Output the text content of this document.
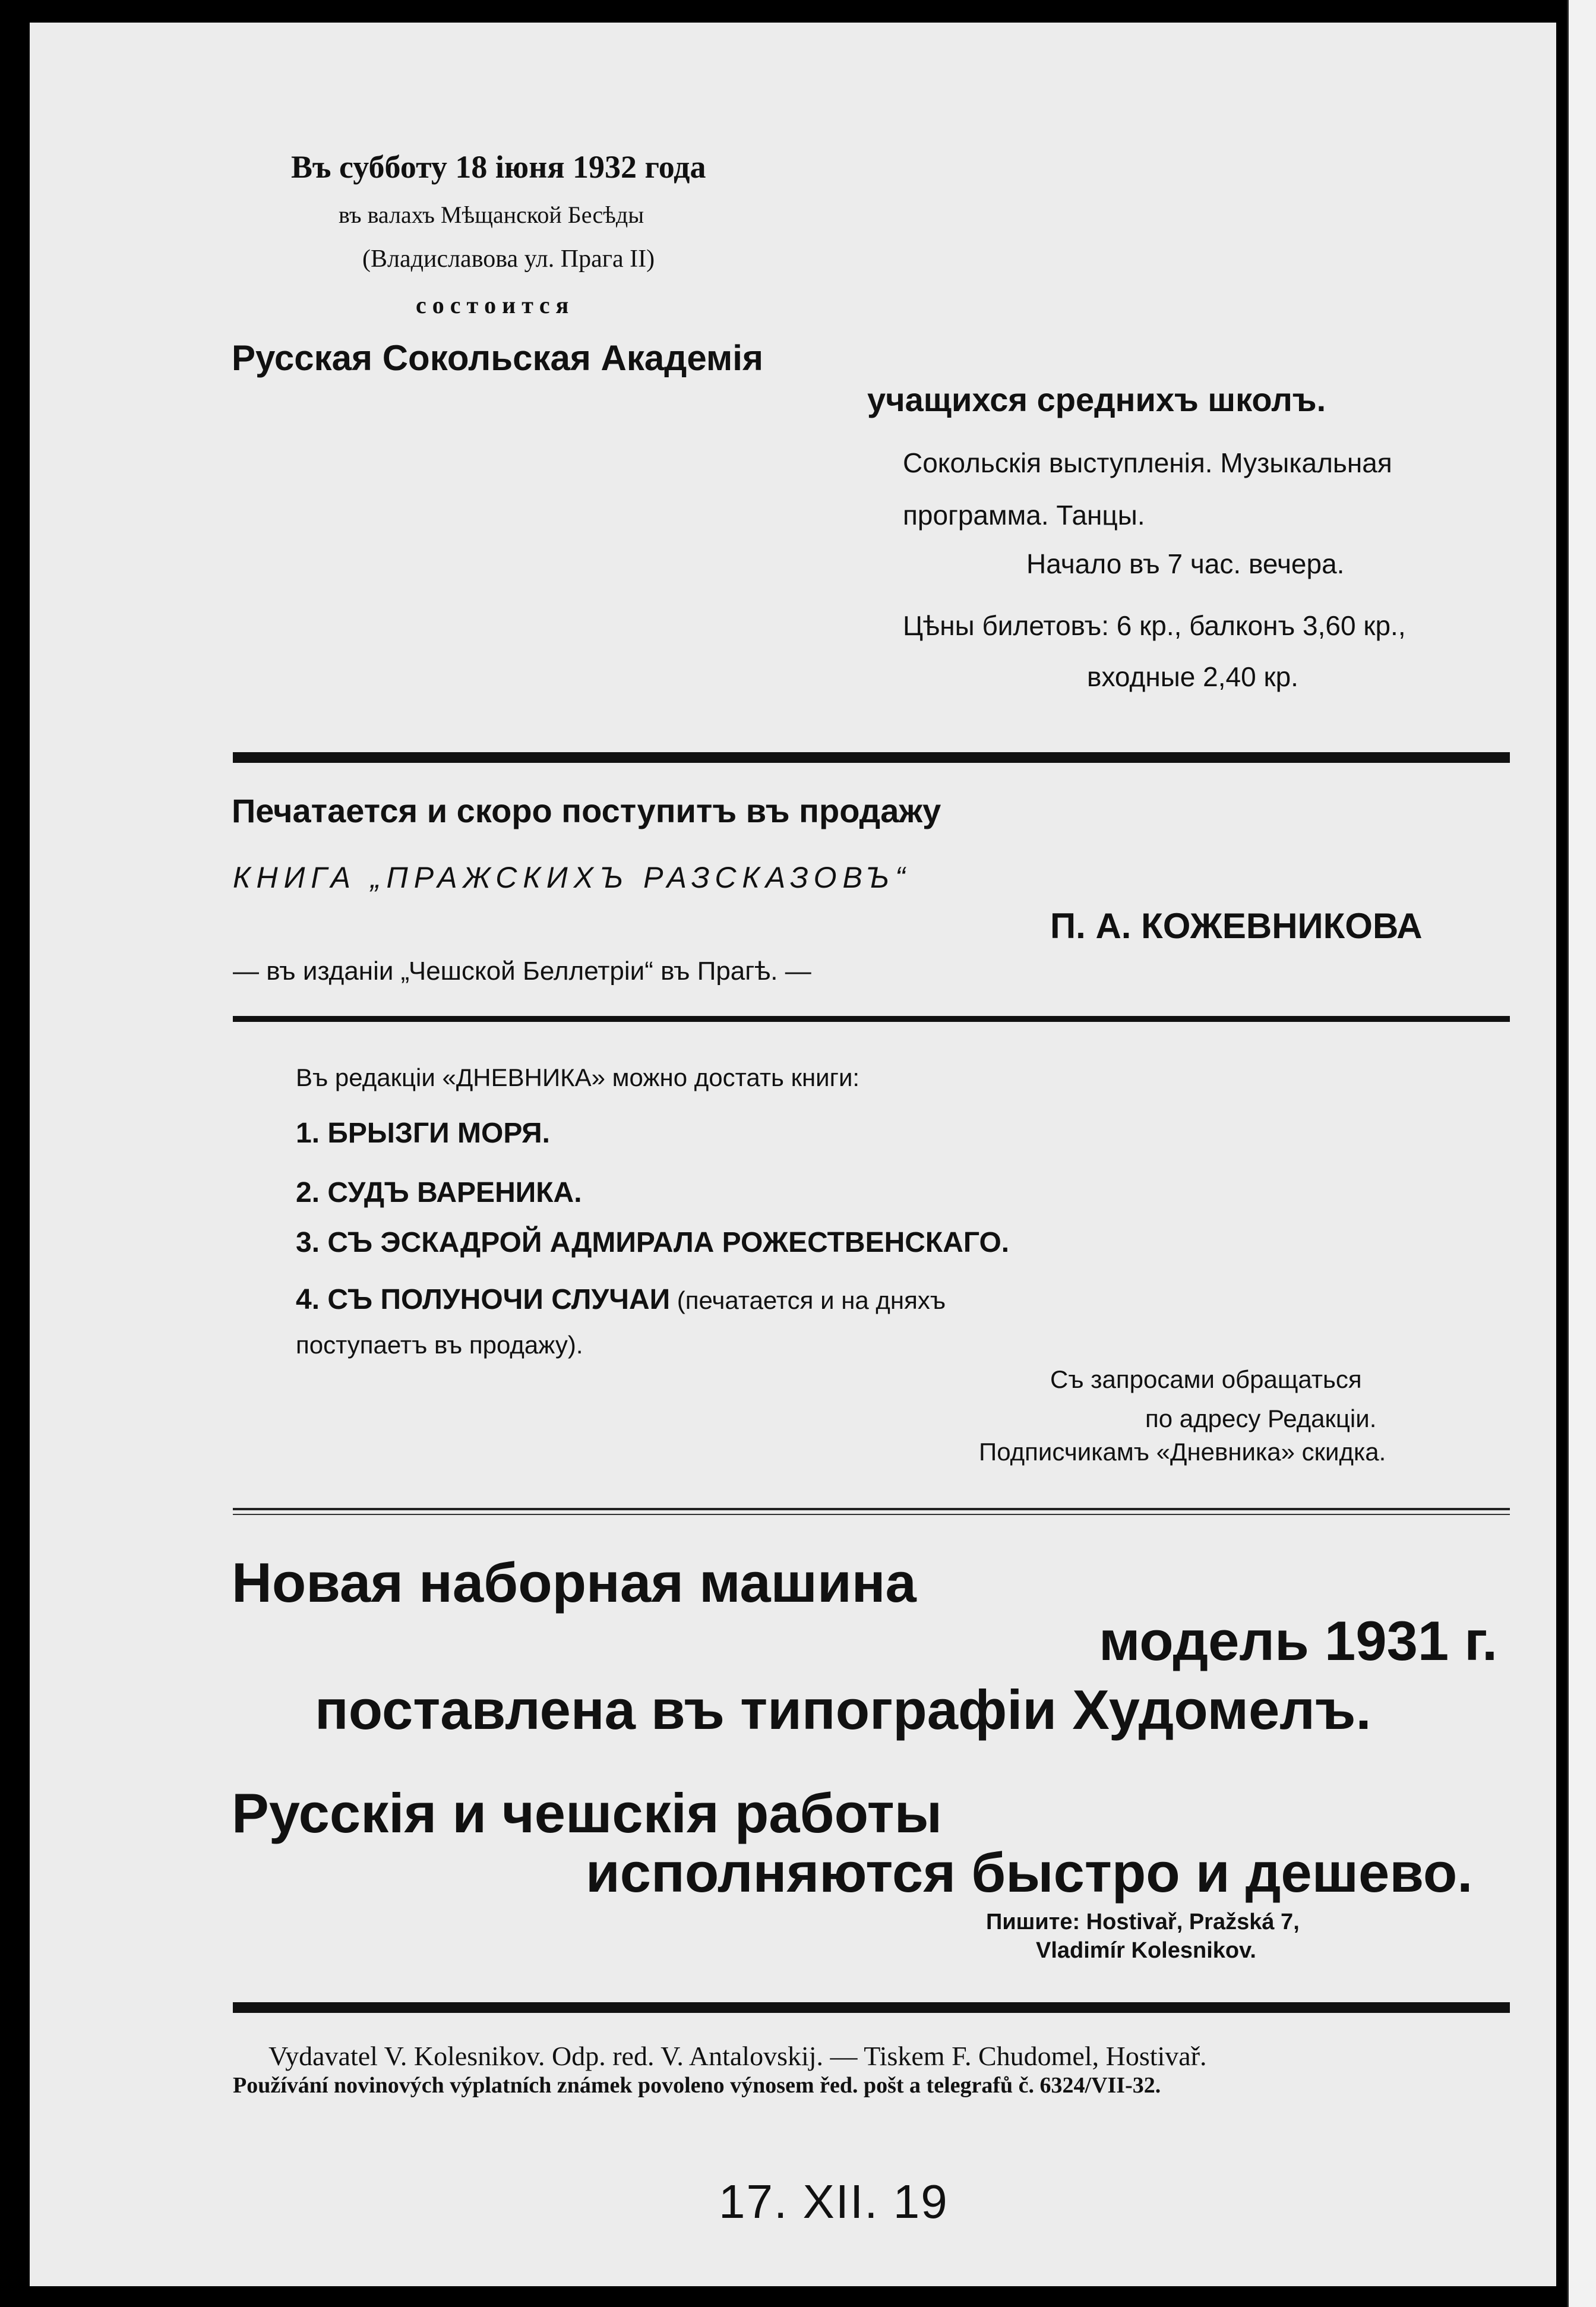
Въ субботу 18 іюня 1932 года
въ валахъ Мѣщанской Бесѣды
(Владиславова ул. Прага II)
с о с т о и т с я
Русская Сокольская Академія
учащихся среднихъ школъ.
Сокольскія выступленія. Музыкальная
программа. Танцы.
Начало въ 7 час. вечера.
Цѣны билетовъ: 6 кр., балконъ 3,60 кр.,
входные 2,40 кр.
Печатается и скоро поступитъ въ продажу
КНИГА „ПРАЖСКИХЪ РАЗСКАЗОВЪ“
П. А. КОЖЕВНИКОВА
— въ изданіи „Чешской Беллетріи“ въ Прагѣ. —
Въ редакціи «ДНЕВНИКА» можно достать книги:
1. БРЫЗГИ МОРЯ.
2. СУДЪ ВАРЕНИКА.
3. СЪ ЭСКАДРОЙ АДМИРАЛА РОЖЕСТВЕНСКАГО.
4. СЪ ПОЛУНОЧИ СЛУЧАИ (печатается и на дняхъ
поступаетъ въ продажу).
Съ запросами обращаться
по адресу Редакціи.
Подписчикамъ «Дневника» скидка.
Новая наборная машина
модель 1931 г.
поставлена въ типографіи Худомелъ.
Русскія и чешскія работы
исполняются быстро и дешево.
Пишите: Hostivař, Pražská 7,
Vladimír Kolesnikov.
Vydavatel V. Kolesnikov. Odp. red. V. Antalovskij. — Tiskem F. Chudomel, Hostivař.
Používání novinových výplatních známek povoleno výnosem řed. pošt a telegrafů č. 6324/VII-32.
17. XII. 19
